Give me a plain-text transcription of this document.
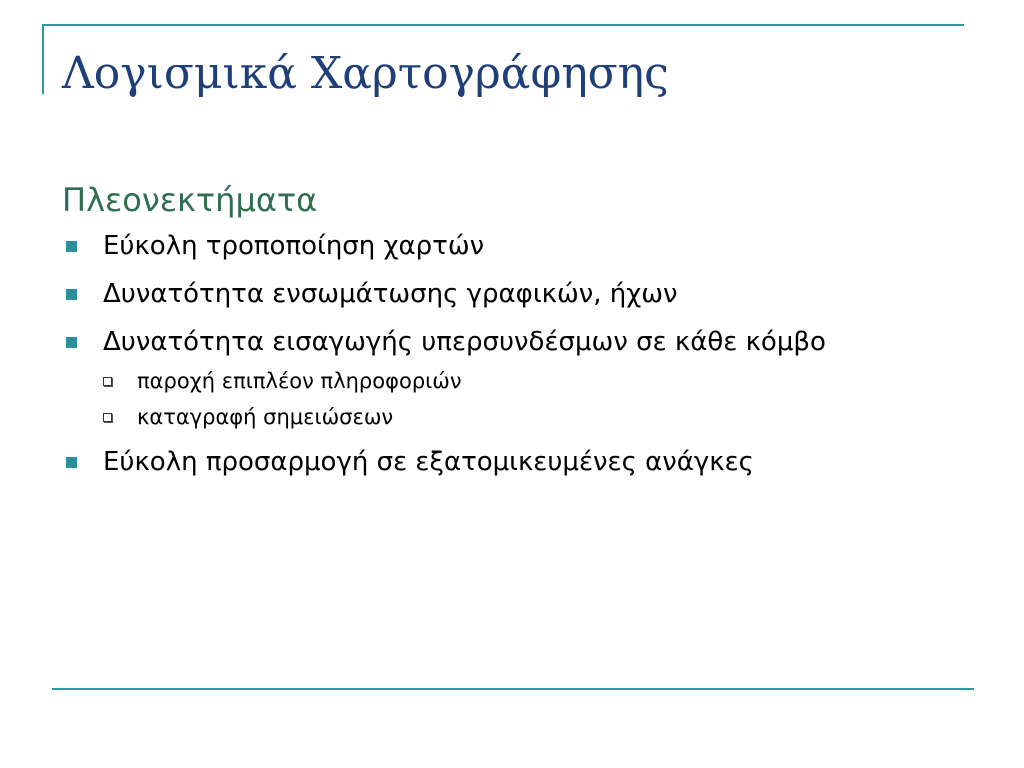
Λογισμικά Χαρτογράφησης
Πλεονεκτήματα
Εύκολη τροποποίηση χαρτών
Δυνατότητα ενσωμάτωσης γραφικών, ήχων
Δυνατότητα εισαγωγής υπερσυνδέσμων σε κάθε κόμβο
παροχή επιπλέον πληροφοριών
καταγραφή σημειώσεων
Εύκολη προσαρμογή σε εξατομικευμένες ανάγκες
